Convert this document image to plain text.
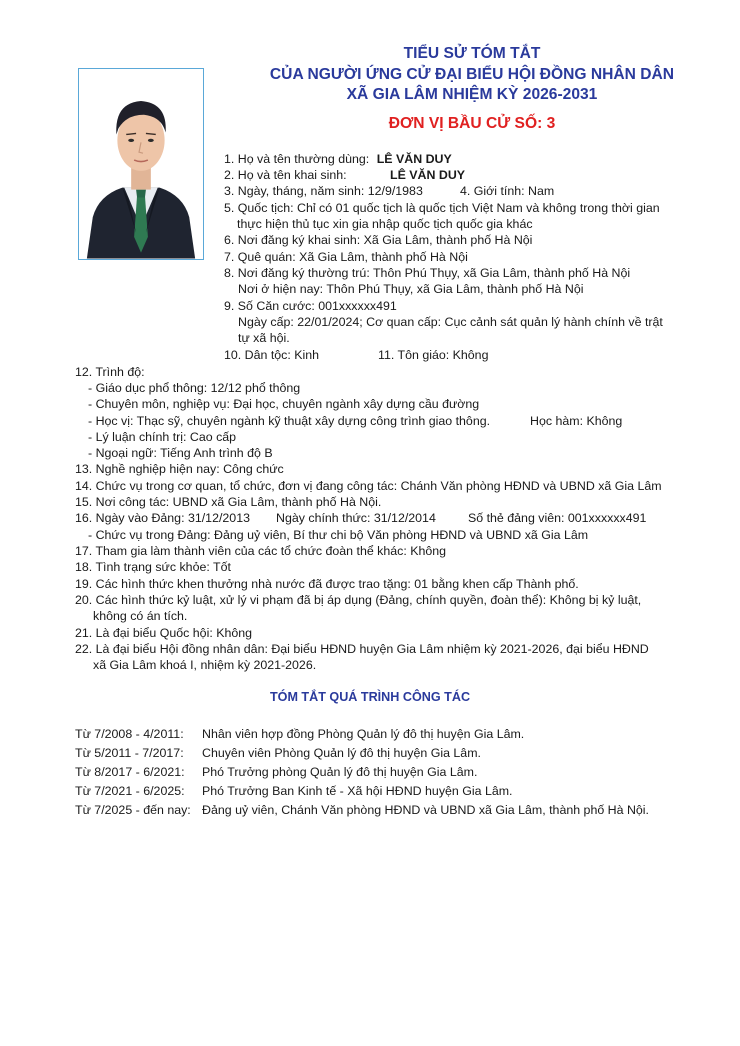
TIỂU SỬ TÓM TẮT
CỦA NGƯỜI ỨNG CỬ ĐẠI BIỂU HỘI ĐỒNG NHÂN DÂN
XÃ GIA LÂM NHIỆM KỲ 2026-2031
ĐƠN VỊ BẦU CỬ SỐ: 3
1. Họ và tên thường dùng: LÊ VĂN DUY
2. Họ và tên khai sinh:	LÊ VĂN DUY
3. Ngày, tháng, năm sinh: 12/9/1983	4. Giới tính: Nam
5. Quốc tịch: Chỉ có 01 quốc tịch là quốc tịch Việt Nam và không trong thời gian
thực hiện thủ tục xin gia nhập quốc tịch quốc gia khác
6. Nơi đăng ký khai sinh: Xã Gia Lâm, thành phố Hà Nội
7. Quê quán: Xã Gia Lâm, thành phố Hà Nội
8. Nơi đăng ký thường trú: Thôn Phú Thụy, xã Gia Lâm, thành phố Hà Nội
Nơi ở hiện nay: Thôn Phú Thụy, xã Gia Lâm, thành phố Hà Nội
9. Số Căn cước: 001xxxxxx491
Ngày cấp: 22/01/2024; Cơ quan cấp: Cục cảnh sát quản lý hành chính về trật
tự xã hội.
10. Dân tộc: Kinh	11. Tôn giáo: Không
12. Trình độ:
- Giáo dục phổ thông: 12/12 phổ thông
- Chuyên môn, nghiệp vụ: Đại học, chuyên ngành xây dựng cầu đường
- Học vị: Thạc sỹ, chuyên ngành kỹ thuật xây dựng công trình giao thông.	Học hàm: Không
- Lý luận chính trị: Cao cấp
- Ngoại ngữ: Tiếng Anh trình độ B
13. Nghề nghiệp hiện nay: Công chức
14. Chức vụ trong cơ quan, tổ chức, đơn vị đang công tác: Chánh Văn phòng HĐND và UBND xã Gia Lâm
15. Nơi công tác: UBND xã Gia Lâm, thành phố Hà Nội.
16. Ngày vào Đảng: 31/12/2013 Ngày chính thức: 31/12/2014	Số thẻ đảng viên: 001xxxxxx491
- Chức vụ trong Đảng: Đảng uỷ viên, Bí thư chi bộ Văn phòng HĐND và UBND xã Gia Lâm
17. Tham gia làm thành viên của các tổ chức đoàn thể khác: Không
18. Tình trạng sức khỏe: Tốt
19. Các hình thức khen thưởng nhà nước đã được trao tặng: 01 bằng khen cấp Thành phố.
20. Các hình thức kỷ luật, xử lý vi phạm đã bị áp dụng (Đảng, chính quyền, đoàn thể): Không bị kỷ luật,
không có án tích.
21. Là đại biểu Quốc hội: Không
22. Là đại biểu Hội đồng nhân dân: Đại biểu HĐND huyện Gia Lâm nhiệm kỳ 2021-2026, đại biểu HĐND
xã Gia Lâm khoá I, nhiệm kỳ 2021-2026.
TÓM TẮT QUÁ TRÌNH CÔNG TÁC
Từ 7/2008 - 4/2011: Nhân viên hợp đồng Phòng Quản lý đô thị huyện Gia Lâm.
Từ 5/2011 - 7/2017: Chuyên viên Phòng Quản lý đô thị huyện Gia Lâm.
Từ 8/2017 - 6/2021: Phó Trưởng phòng Quản lý đô thị huyện Gia Lâm.
Từ 7/2021 - 6/2025: Phó Trưởng Ban Kinh tế - Xã hội HĐND huyện Gia Lâm.
Từ 7/2025 - đến nay: Đảng uỷ viên, Chánh Văn phòng HĐND và UBND xã Gia Lâm, thành phố Hà Nội.
